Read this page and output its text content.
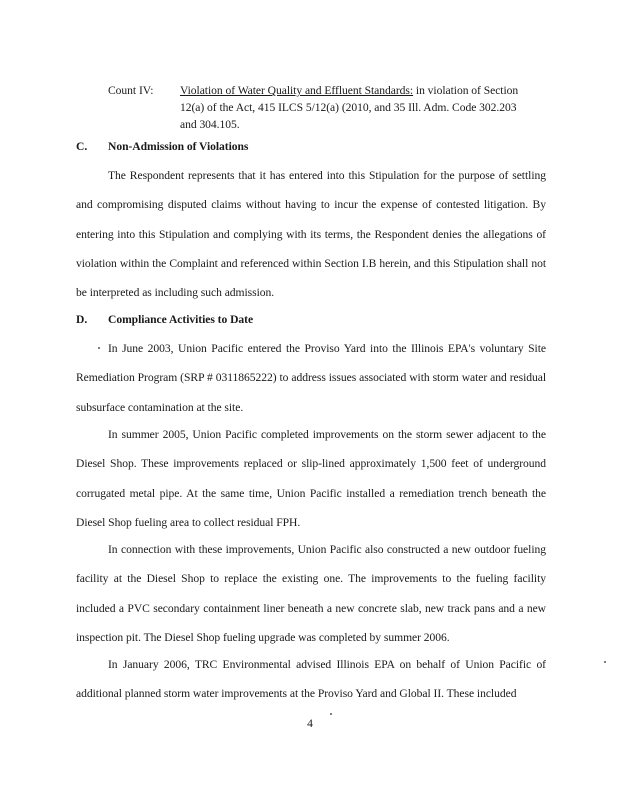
Count IV: Violation of Water Quality and Effluent Standards: in violation of Section 12(a) of the Act, 415 ILCS 5/12(a) (2010, and 35 Ill. Adm. Code 302.203 and 304.105.
C. Non-Admission of Violations

The Respondent represents that it has entered into this Stipulation for the purpose of settling and compromising disputed claims without having to incur the expense of contested litigation. By entering into this Stipulation and complying with its terms, the Respondent denies the allegations of violation within the Complaint and referenced within Section I.B herein, and this Stipulation shall not be interpreted as including such admission.

D. Compliance Activities to Date

In June 2003, Union Pacific entered the Proviso Yard into the Illinois EPA's voluntary Site Remediation Program (SRP # 0311865222) to address issues associated with storm water and residual subsurface contamination at the site.

In summer 2005, Union Pacific completed improvements on the storm sewer adjacent to the Diesel Shop. These improvements replaced or slip-lined approximately 1,500 feet of underground corrugated metal pipe. At the same time, Union Pacific installed a remediation trench beneath the Diesel Shop fueling area to collect residual FPH.

In connection with these improvements, Union Pacific also constructed a new outdoor fueling facility at the Diesel Shop to replace the existing one. The improvements to the fueling facility included a PVC secondary containment liner beneath a new concrete slab, new track pans and a new inspection pit. The Diesel Shop fueling upgrade was completed by summer 2006.

In January 2006, TRC Environmental advised Illinois EPA on behalf of Union Pacific of additional planned storm water improvements at the Proviso Yard and Global II. These included

4
